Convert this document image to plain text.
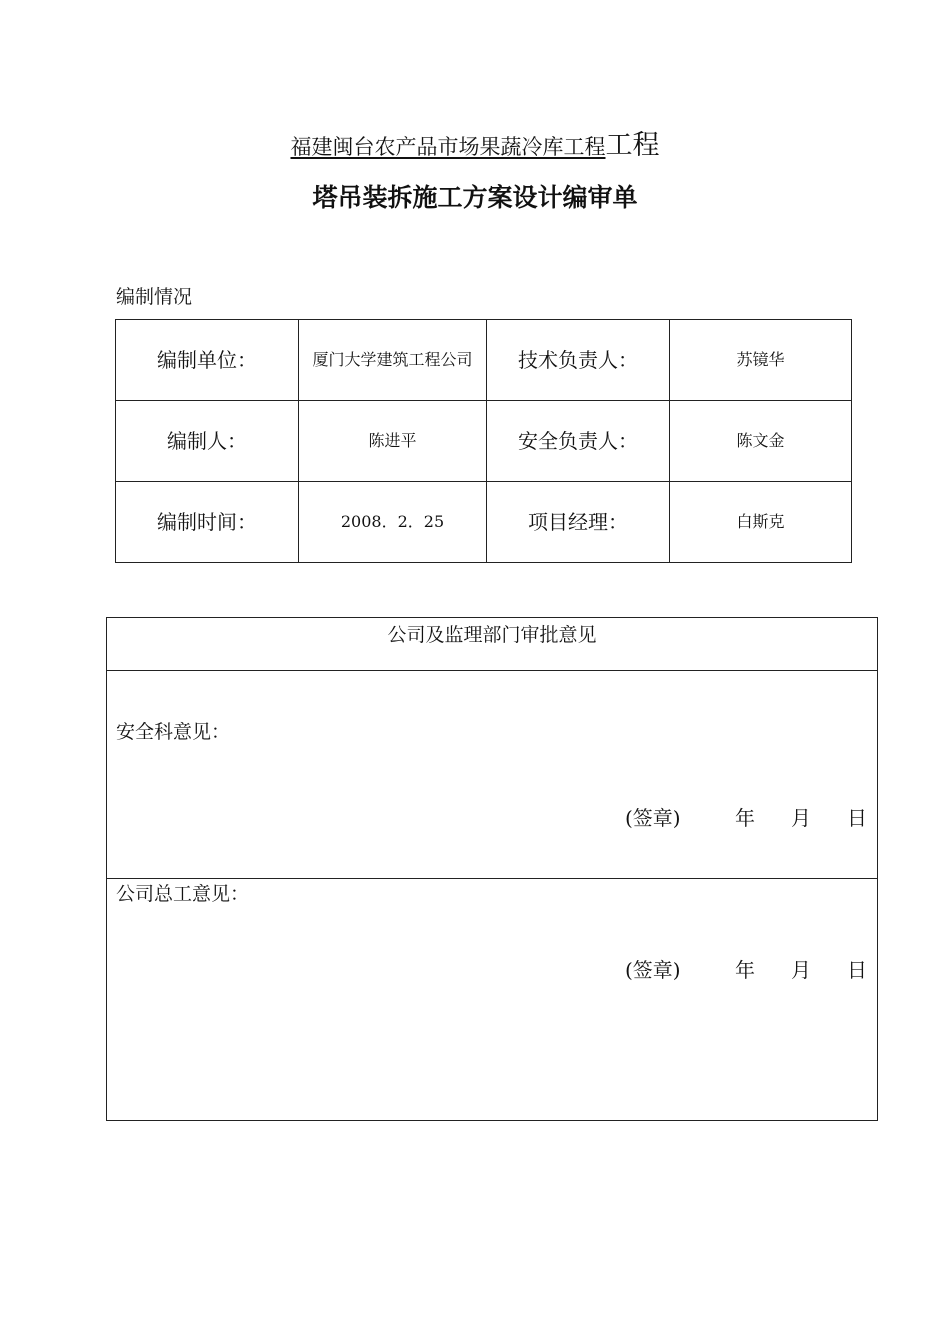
福建闽台农产品市场果蔬冷库工程工程
塔吊装拆施工方案设计编审单
编制情况
编制单位：	厦门大学建筑工程公司	技术负责人：	苏镜华
编制人：	陈进平	安全负责人：	陈文金
编制时间：	2008．2．25	项目经理：	白斯克
公司及监理部门审批意见
安全科意见：
(签章)	年 月 日
公司总工意见：
(签章)	年 月 日
